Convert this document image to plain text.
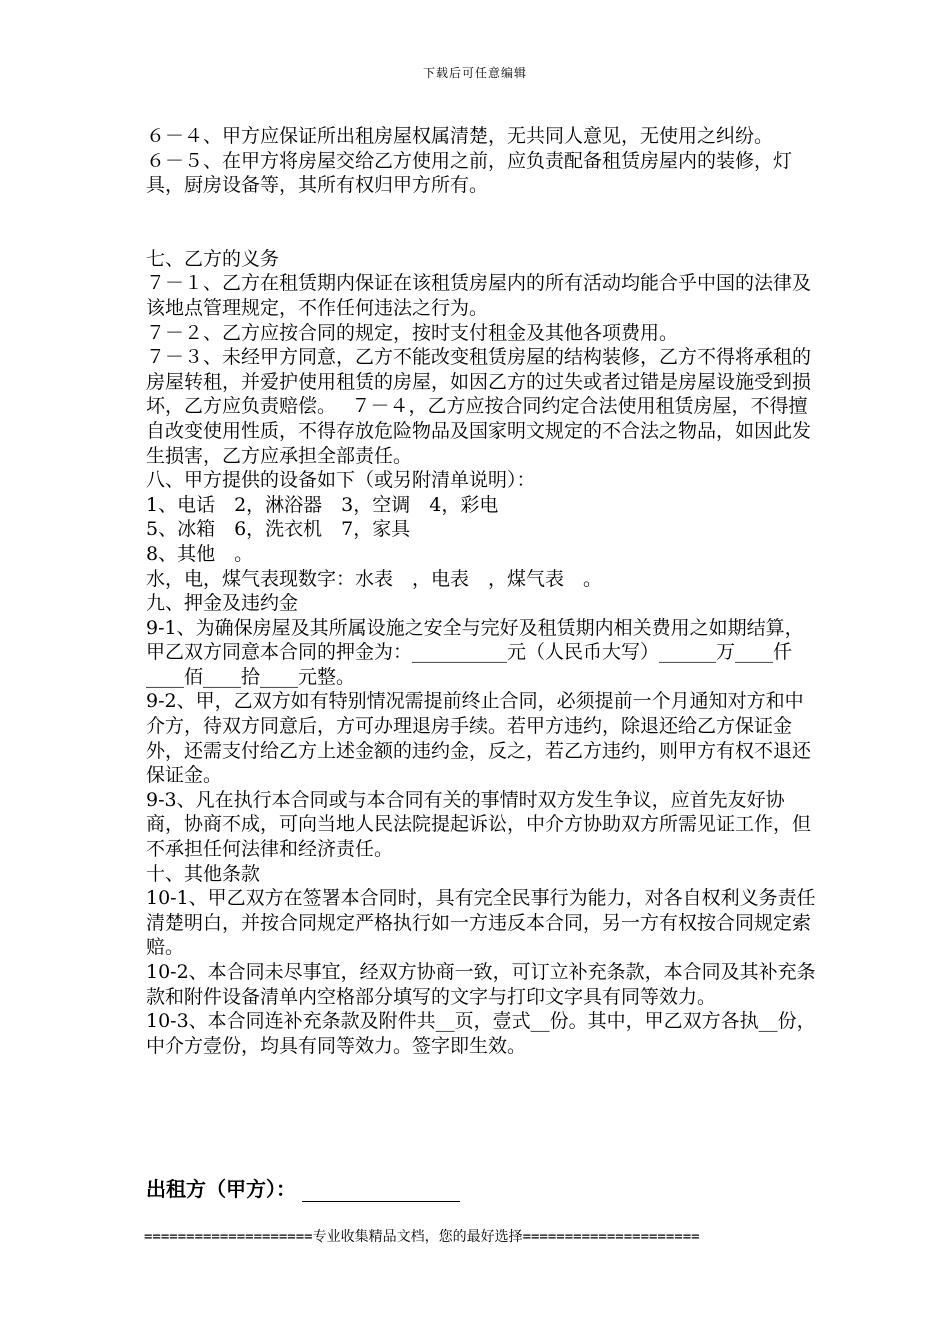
下载后可任意编辑

６－４、甲方应保证所出租房屋权属清楚，无共同人意见，无使用之纠纷。

６－５、在甲方将房屋交给乙方使用之前，应负责配备租赁房屋内的装修，灯具，厨房设备等，其所有权归甲方所有。

七、乙方的义务

７－１、乙方在租赁期内保证在该租赁房屋内的所有活动均能合乎中国的法律及该地点管理规定，不作任何违法之行为。

７－２、乙方应按合同的规定，按时支付租金及其他各项费用。

７－３、未经甲方同意，乙方不能改变租赁房屋的结构装修，乙方不得将承租的房屋转租，并爱护使用租赁的房屋，如因乙方的过失或者过错是房屋设施受到损坏，乙方应负责赔偿。　 ７－４，乙方应按合同约定合法使用租赁房屋，不得擅自改变使用性质，不得存放危险物品及国家明文规定的不合法之物品，如因此发生损害，乙方应承担全部责任。

八、甲方提供的设备如下（或另附清单说明）：

1、电话　2，淋浴器　3，空调　4，彩电

5、冰箱　6，洗衣机　7，家具

8、其他　。

水，电，煤气表现数字：水表　，电表　，煤气表　。

九、押金及违约金

9-1、为确保房屋及其所属设施之安全与完好及租赁期内相关费用之如期结算，甲乙双方同意本合同的押金为：__________元（人民币大写）______万____仟____佰____拾____元整。

9-2、甲，乙双方如有特别情况需提前终止合同，必须提前一个月通知对方和中介方，待双方同意后，方可办理退房手续。若甲方违约，除退还给乙方保证金外，还需支付给乙方上述金额的违约金，反之，若乙方违约，则甲方有权不退还保证金。

9-3、凡在执行本合同或与本合同有关的事情时双方发生争议，应首先友好协商，协商不成，可向当地人民法院提起诉讼，中介方协助双方所需见证工作，但不承担任何法律和经济责任。

十、其他条款

10-1、甲乙双方在签署本合同时，具有完全民事行为能力，对各自权利义务责任清楚明白，并按合同规定严格执行如一方违反本合同，另一方有权按合同规定索赔。

10-2、本合同未尽事宜，经双方协商一致，可订立补充条款，本合同及其补充条款和附件设备清单内空格部分填写的文字与打印文字具有同等效力。

10-3、本合同连补充条款及附件共__页，壹式__份。其中，甲乙双方各执__份，中介方壹份，均具有同等效力。签字即生效。

出租方（甲方）：
====================专业收集精品文档，您的最好选择=====================
